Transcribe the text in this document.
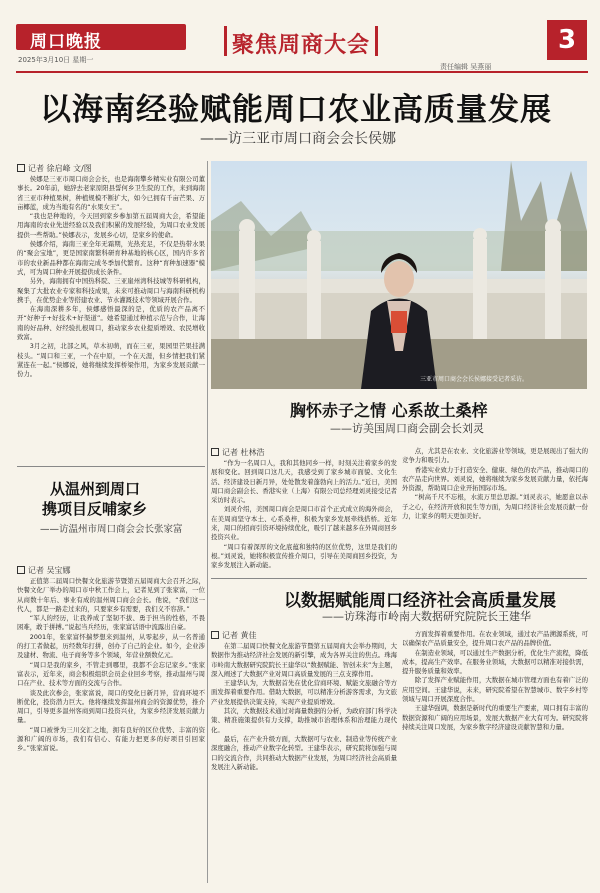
周口晚报
2025年3月10日 星期一
聚焦周商大会
责任编辑 吴燕丽
3
以海南经验赋能周口农业高质量发展
——访三亚市周口商会会长侯娜
记者 徐启峰 文/图

侯娜是三亚市周口商会会长，也是海南攀乡精实业有限公司董事长。20年前，她辞去老家原阳县誓何乡卫生院的工作，来到海南省三亚市种植果树，种植规模不断扩大，如今已拥有千亩芒果、万亩椰蓝，成为当地有名的“水果女王”。

“我也是种地的，今天回到家乡参加第五届周商大会，希望能用海南的农业先进经验以及我们积累的发展经验，为周口农业发展提供一些帮助。”侯娜表示，发展乡心切，是家乡的使命。

侯娜介绍，海南三亚全年无霜期，光热充足，不仅是热带水果的“聚会宝地”，更是国家南繁科研育种基地的核心区，国内许多省市的农业新品种都在海南完成冬季加代繁育。这种“育种加速器”模式，可为周口种业开展提供成长条件。

另外，海南拥有中国热科院、三亚崖州湾科技城等科研机构，聚集了大批农业专家和科技成果，未来可推动周口与海南科研机构携手，在优势企业等搭建农业、节水灌溉技术等领域开展合作。

在海南深耕多年，侯娜感悟最深的是，优质的农产品离不开“好种子+好技术+好渠道”。她希望通过种植示范与合作，让海南的好品种、好经验扎根周口，推动家乡农业提质增效、农民增收致富。

3月之初，北部之风，草木初萌，而在三亚，果园里芒果挂满枝头。“周口和三亚，一个在中原，一个在天涯，但乡情把我们紧紧连在一起。”侯娜说，她将继续发挥桥梁作用，为家乡发展贡献一份力。

三亚市周口商会会长侯娜接受记者采访。
胸怀赤子之情 心系故土桑梓
——访美国周口商会副会长刘灵
记者 杜林浩

“作为一名周口人，我和其他同乡一样，时刻关注着家乡的发展和变化。回到周口这几天，我感受到了家乡城市面貌、文化生活、经济建设日新月异，处处散发着蓬勃向上的活力。”近日，美国周口商会副会长、香港实业（上海）有限公司总经理刘灵接受记者采访时表示。

刘灵介绍，美国周口商会是周口市首个正式成立的海外商会，在美周商坚守本土、心系桑梓，积极为家乡发展牵线搭桥。近年来，周口的招商引资环境持续优化，吸引了越来越多在外周商回乡投资兴业。

“周口有着深厚的文化底蕴和独特的区位优势，这里是我们的根。”刘灵说，她将积极宣传推介周口，引导在美周商回乡投资，为家乡发展注入新动能。

点，尤其是在农业、文化旅游业等领域，更是展现出了强大的竞争力和吸引力。

香港实业致力于打造安全、健康、绿色的农产品，推动周口的农产品走向世界。刘灵说，她将继续为家乡发展贡献力量，依托海外资源，帮助周口企业开拓国际市场。

“树高千尺不忘根，水流万里总思源。”刘灵表示，她愿意以赤子之心，在经济开放和民生等方面，为周口经济社会发展贡献一份力，让家乡的明天更加美好。

从温州到周口
携项目反哺家乡
——访温州市周口商会会长张家富
记者 吴宝娜

正值第二届周口快餐文化旅游节暨第五届周商大会召开之际，快餐文化厂举办的周口市中秋工作会上，记者见到了张家富，一位从商数十年后、事业有成的温州周口商会会长。他说，“我们这一代人，都是一路走过来的，只要家乡有需要，我们义不容辞。”

“军人的经历，让我养成了坚韧不拔、勇于担当的性格，不畏困难，敢于拼搏。”说起当兵经历，张家富话语中流露出自豪。

2001年，张家富怀揣梦想来到温州，从零起步，从一名普通的打工者做起，历经数年打拼，创办了自己的企业。如今，企业涉及建材、物流、电子商务等多个领域，年营业额数亿元。

“周口是我的家乡，不管走到哪里，我都不会忘记家乡。”张家富表示，近年来，商会积极组织会员企业回乡考察，推动温州与周口在产业、技术等方面的交流与合作。

谈及此次参会，张家富说，周口的变化日新月异，营商环境不断优化，投资潜力巨大。他将继续发挥温州商会的资源优势，推介周口，引导更多温州客商到周口投资兴业，为家乡经济发展贡献力量。

“周口被誉为三川交汇之地，拥有良好的区位优势、丰富的资源和广阔的市场，我们有信心、有能力把更多的好项目引回家乡。”张家富说。

以数据赋能周口经济社会高质量发展
——访珠海市岭南大数据研究院院长王建华
记者 黄佳

在第二届周口快餐文化旅游节暨第五届周商大会举办期间，大数据作为推动经济社会发展的新引擎，成为各界关注的焦点。珠海市岭南大数据研究院院长王建华以“数据赋能、智创未来”为主题，深入阐述了大数据产业对周口高质量发展的三点支撑作用。

王建华认为，大数据首先在优化营商环境、赋能文旅融合等方面发挥着重要作用。借助大数据，可以精准分析游客需求，为文旅产业发展提供决策支持，实现产业提质增效。

其次，大数据技术通过对海量数据的分析，为政府部门科学决策、精准施策提供有力支撑，助推城市治理体系和治理能力现代化。

最后，在产业升级方面，大数据可与农业、制造业等传统产业深度融合，推动产业数字化转型。王建华表示，研究院将加强与周口的交流合作，共同推动大数据产业发展，为周口经济社会高质量发展注入新动能。

方面发挥着重要作用。在农业领域，通过农产品溯源系统，可以确保农产品质量安全，提升周口农产品的品牌价值。

在制造业领域，可以通过生产数据分析，优化生产流程，降低成本，提高生产效率。在服务业领域，大数据可以精准对接供需，提升服务质量和效率。

除了发挥产业赋能作用，大数据在城市管理方面也有着广泛的应用空间。王建华说，未来，研究院希望在智慧城市、数字乡村等领域与周口开展深度合作。

王建华强调，数据是新时代的重要生产要素，周口拥有丰富的数据资源和广阔的应用场景，发展大数据产业大有可为。研究院将持续关注周口发展，为家乡数字经济建设贡献智慧和力量。
